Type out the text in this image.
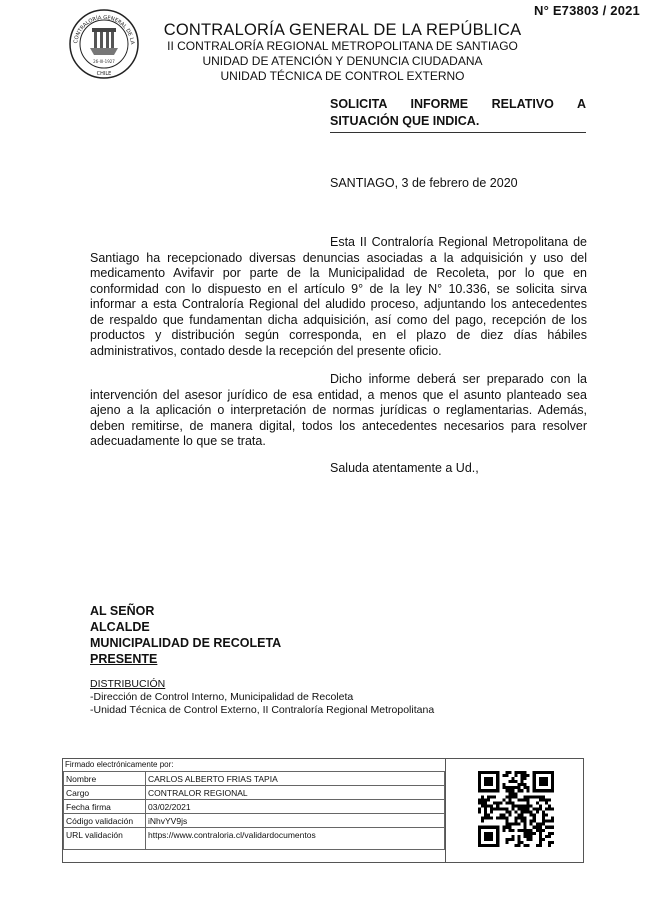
N° E73803 / 2021
CONTRALORÍA GENERAL DE LA
CHILE
26-III-1927
CONTRALORÍA GENERAL DE LA REPÚBLICA
II CONTRALORÍA REGIONAL METROPOLITANA DE SANTIAGO
UNIDAD DE ATENCIÓN Y DENUNCIA CIUDADANA
UNIDAD TÉCNICA DE CONTROL EXTERNO
SOLICITA INFORME RELATIVO A
SITUACIÓN QUE INDICA.
SANTIAGO, 3 de febrero de 2020

Esta II Contraloría Regional Metropolitana de Santiago ha recepcionado diversas denuncias asociadas a la adquisición y uso del medicamento Avifavir por parte de la Municipalidad de Recoleta, por lo que en conformidad con lo dispuesto en el artículo 9° de la ley N° 10.336, se solicita sirva informar a esta Contraloría Regional del aludido proceso, adjuntando los antecedentes de respaldo que fundamentan dicha adquisición, así como del pago, recepción de los productos y distribución según corresponda, en el plazo de diez días hábiles administrativos, contado desde la recepción del presente oficio.

Dicho informe deberá ser preparado con la intervención del asesor jurídico de esa entidad, a menos que el asunto planteado sea ajeno a la aplicación o interpretación de normas jurídicas o reglamentarias. Además, deben remitirse, de manera digital, todos los antecedentes necesarios para resolver adecuadamente lo que se trata.

Saluda atentamente a Ud.,
AL SEÑOR
ALCALDE
MUNICIPALIDAD DE RECOLETA
PRESENTE
DISTRIBUCIÓN
-Dirección de Control Interno, Municipalidad de Recoleta
-Unidad Técnica de Control Externo, II Contraloría Regional Metropolitana
Firmado electrónicamente por:
Nombre	CARLOS ALBERTO FRIAS TAPIA
Cargo	CONTRALOR REGIONAL
Fecha firma	03/02/2021
Código validación	iNhvYV9js
URL validación	https://www.contraloria.cl/validardocumentos
